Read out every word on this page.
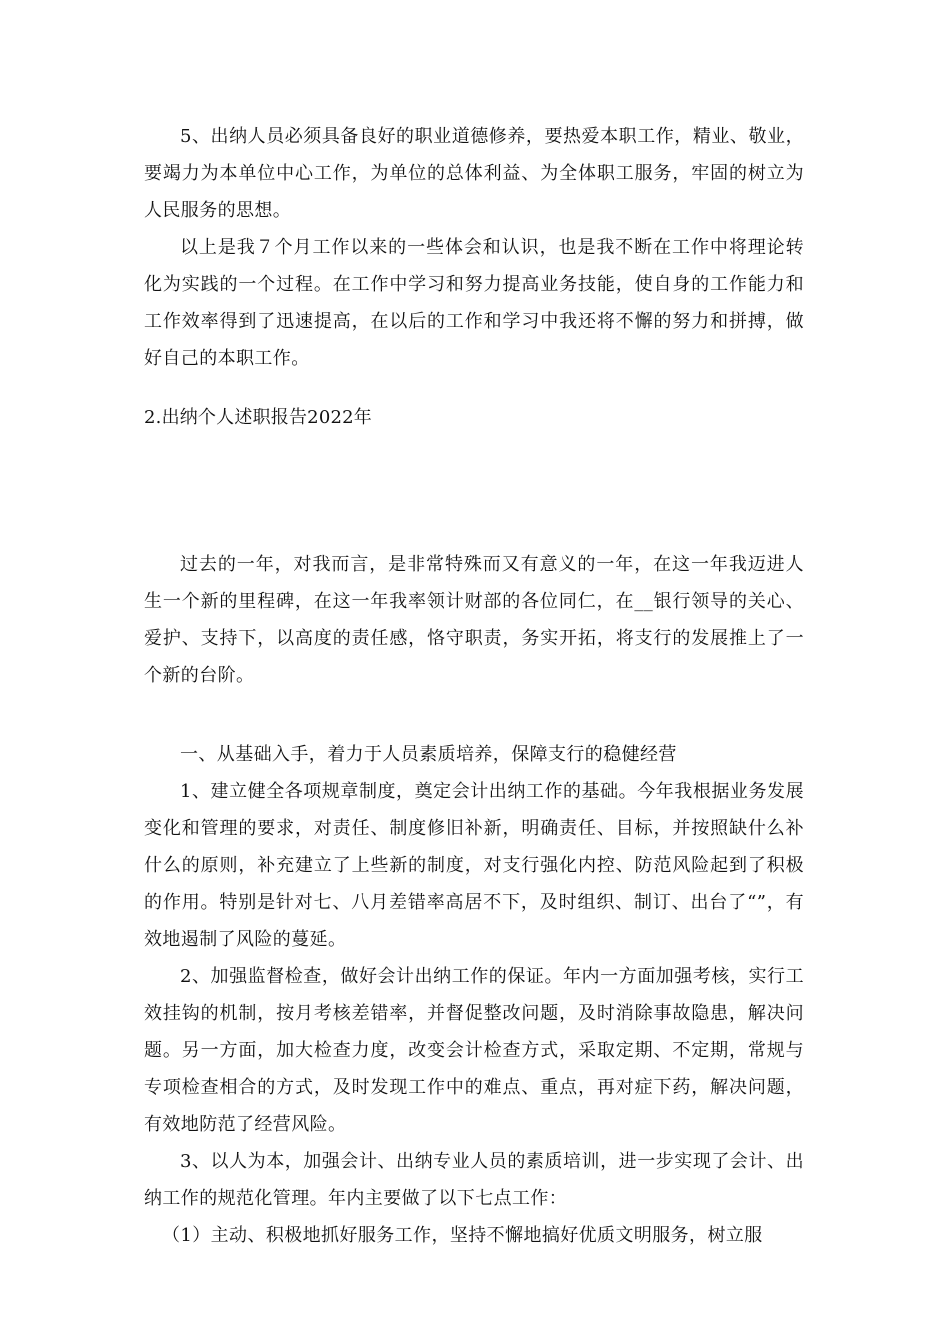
5、出纳人员必须具备良好的职业道德修养，要热爱本职工作，精业、敬业，要竭力为本单位中心工作，为单位的总体利益、为全体职工服务，牢固的树立为人民服务的思想。

以上是我７个月工作以来的一些体会和认识，也是我不断在工作中将理论转化为实践的一个过程。在工作中学习和努力提高业务技能，使自身的工作能力和工作效率得到了迅速提高，在以后的工作和学习中我还将不懈的努力和拼搏，做好自己的本职工作。

2.出纳个人述职报告2022年

过去的一年，对我而言，是非常特殊而又有意义的一年，在这一年我迈进人生一个新的里程碑，在这一年我率领计财部的各位同仁，在__银行领导的关心、爱护、支持下，以高度的责任感，恪守职责，务实开拓，将支行的发展推上了一个新的台阶。

一、从基础入手，着力于人员素质培养，保障支行的稳健经营

1、建立健全各项规章制度，奠定会计出纳工作的基础。今年我根据业务发展变化和管理的要求，对责任、制度修旧补新，明确责任、目标，并按照缺什么补什么的原则，补充建立了上些新的制度，对支行强化内控、防范风险起到了积极的作用。特别是针对七、八月差错率高居不下，及时组织、制订、出台了“”，有效地遏制了风险的蔓延。

2、加强监督检查，做好会计出纳工作的保证。年内一方面加强考核，实行工效挂钩的机制，按月考核差错率，并督促整改问题，及时消除事故隐患，解决问题。另一方面，加大检查力度，改变会计检查方式，采取定期、不定期，常规与专项检查相合的方式，及时发现工作中的难点、重点，再对症下药，解决问题，有效地防范了经营风险。

3、以人为本，加强会计、出纳专业人员的素质培训，进一步实现了会计、出纳工作的规范化管理。年内主要做了以下七点工作：

（1）主动、积极地抓好服务工作，坚持不懈地搞好优质文明服务，树立服
